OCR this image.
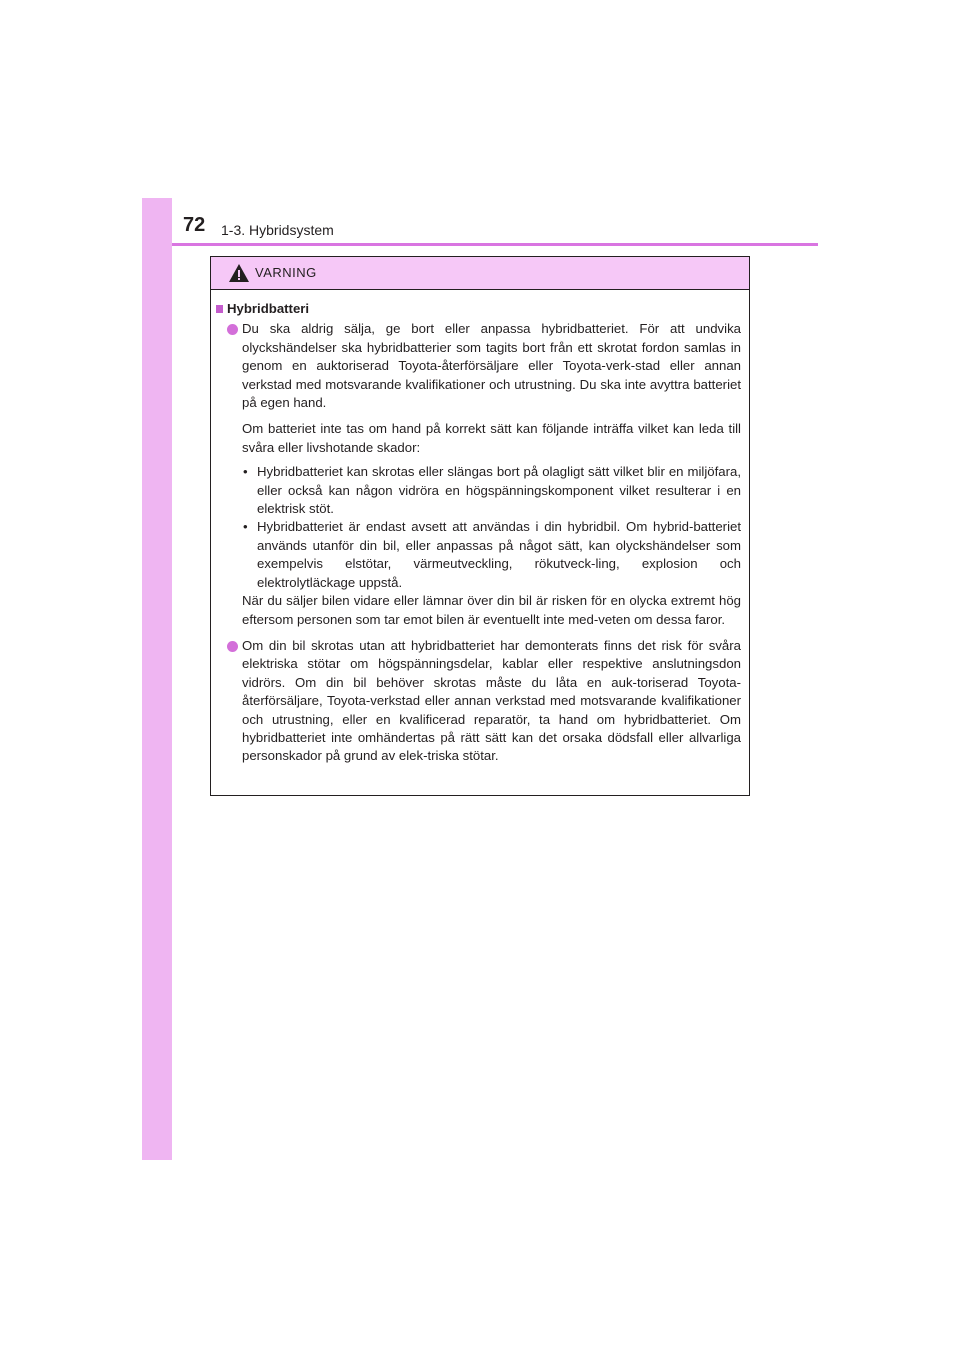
72 1-3. Hybridsystem
VARNING
Hybridbatteri
Du ska aldrig sälja, ge bort eller anpassa hybridbatteriet. För att undvika olyckshändelser ska hybridbatterier som tagits bort från ett skrotat fordon samlas in genom en auktoriserad Toyota-återförsäljare eller Toyota-verk-stad eller annan verkstad med motsvarande kvalifikationer och utrustning. Du ska inte avyttra batteriet på egen hand.
Om batteriet inte tas om hand på korrekt sätt kan följande inträffa vilket kan leda till svåra eller livshotande skador:
• Hybridbatteriet kan skrotas eller slängas bort på olagligt sätt vilket blir en miljöfara, eller också kan någon vidröra en högspänningskomponent vilket resulterar i en elektrisk stöt.
• Hybridbatteriet är endast avsett att användas i din hybridbil. Om hybrid-batteriet används utanför din bil, eller anpassas på något sätt, kan olyckshändelser som exempelvis elstötar, värmeutveckling, rökutveck-ling, explosion och elektrolytläckage uppstå.
När du säljer bilen vidare eller lämnar över din bil är risken för en olycka extremt hög eftersom personen som tar emot bilen är eventuellt inte med-veten om dessa faror.
Om din bil skrotas utan att hybridbatteriet har demonterats finns det risk för svåra elektriska stötar om högspänningsdelar, kablar eller respektive anslutningsdon vidrörs. Om din bil behöver skrotas måste du låta en auk-toriserad Toyota-återförsäljare, Toyota-verkstad eller annan verkstad med motsvarande kvalifikationer och utrustning, eller en kvalificerad reparatör, ta hand om hybridbatteriet. Om hybridbatteriet inte omhändertas på rätt sätt kan det orsaka dödsfall eller allvarliga personskador på grund av elek-triska stötar.
